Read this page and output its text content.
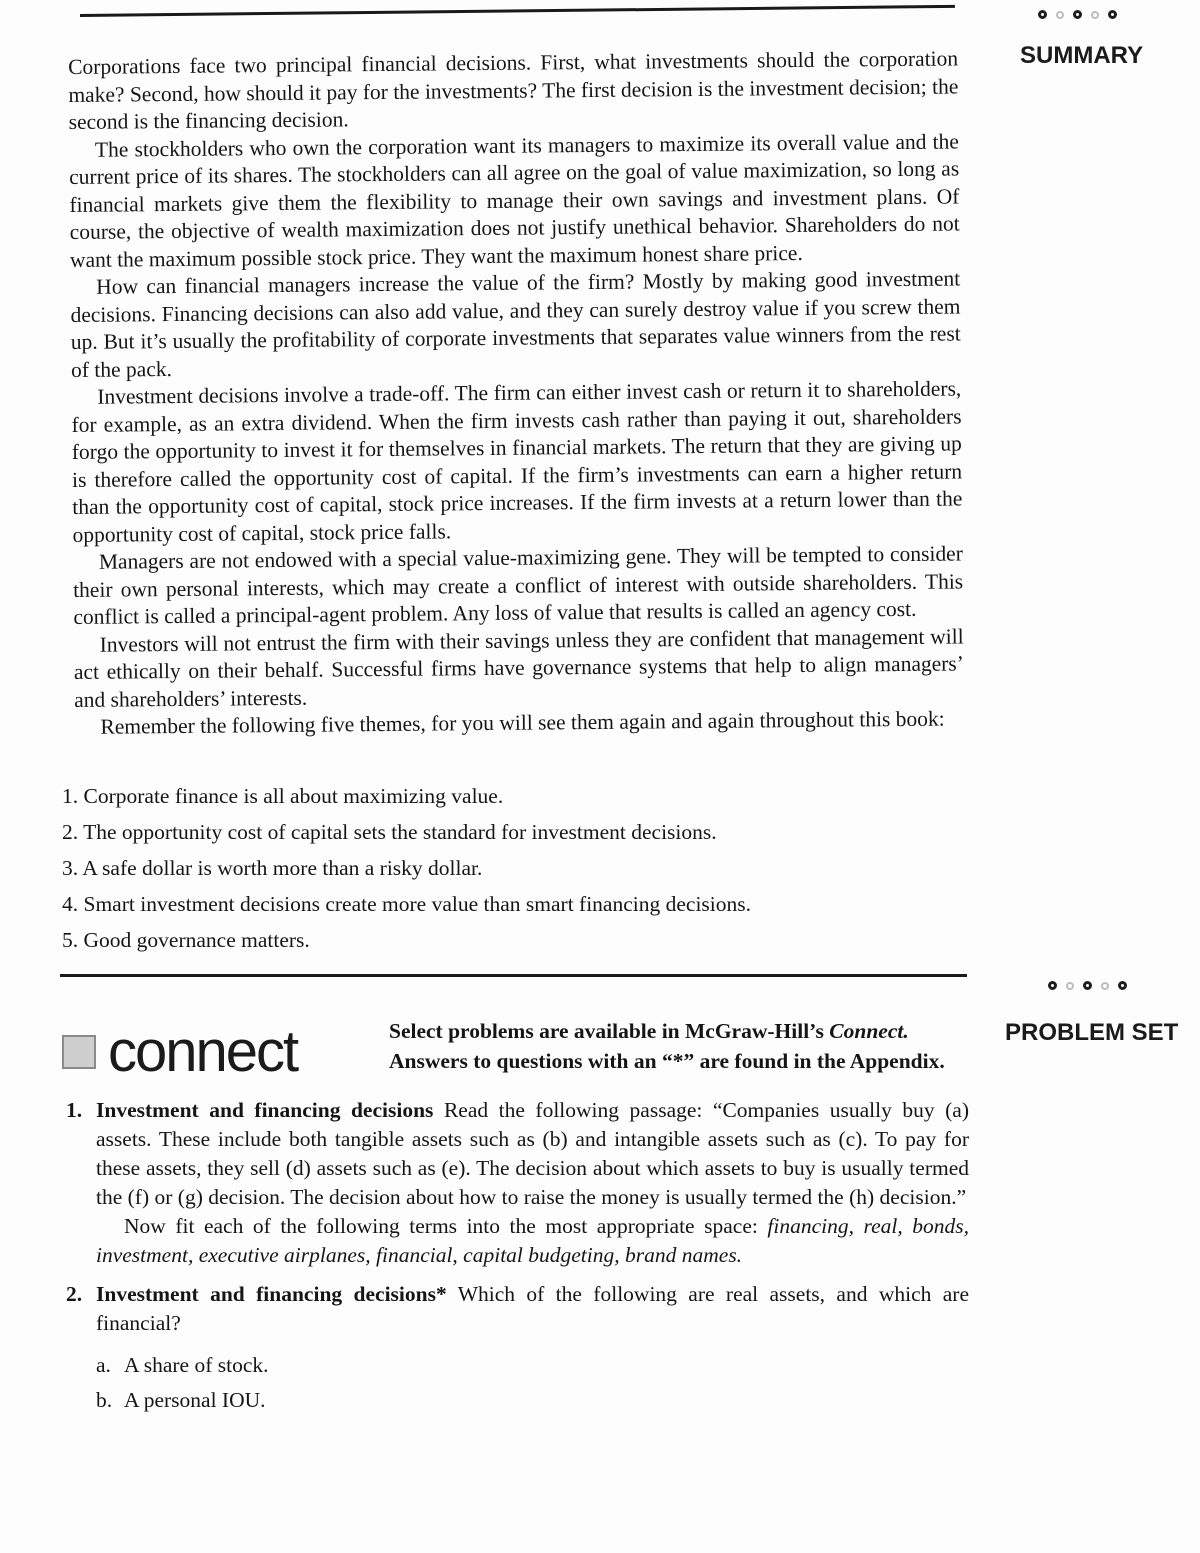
SUMMARY

Corporations face two principal financial decisions. First, what investments should the corporation make? Second, how should it pay for the investments? The first decision is the investment decision; the second is the financing decision.

The stockholders who own the corporation want its managers to maximize its overall value and the current price of its shares. The stockholders can all agree on the goal of value maximization, so long as financial markets give them the flexibility to manage their own savings and investment plans. Of course, the objective of wealth maximization does not justify unethical behavior. Shareholders do not want the maximum possible stock price. They want the maximum honest share price.

How can financial managers increase the value of the firm? Mostly by making good investment decisions. Financing decisions can also add value, and they can surely destroy value if you screw them up. But it’s usually the profitability of corporate investments that separates value winners from the rest of the pack.

Investment decisions involve a trade-off. The firm can either invest cash or return it to shareholders, for example, as an extra dividend. When the firm invests cash rather than paying it out, shareholders forgo the opportunity to invest it for themselves in financial markets. The return that they are giving up is therefore called the opportunity cost of capital. If the firm’s investments can earn a higher return than the opportunity cost of capital, stock price increases. If the firm invests at a return lower than the opportunity cost of capital, stock price falls.

Managers are not endowed with a special value-maximizing gene. They will be tempted to consider their own personal interests, which may create a conflict of interest with outside shareholders. This conflict is called a principal-agent problem. Any loss of value that results is called an agency cost.

Investors will not entrust the firm with their savings unless they are confident that management will act ethically on their behalf. Successful firms have governance systems that help to align managers’ and shareholders’ interests.

Remember the following five themes, for you will see them again and again throughout this book:

1. Corporate finance is all about maximizing value.
2. The opportunity cost of capital sets the standard for investment decisions.
3. A safe dollar is worth more than a risky dollar.
4. Smart investment decisions create more value than smart financing decisions.
5. Good governance matters.
PROBLEM SET
connect	Select problems are available in McGraw-Hill’s Connect.
Answers to questions with an “*” are found in the Appendix.
1. Investment and financing decisions Read the following passage: “Companies usually buy (a) assets. These include both tangible assets such as (b) and intangible assets such as (c). To pay for these assets, they sell (d) assets such as (e). The decision about which assets to buy is usually termed the (f) or (g) decision. The decision about how to raise the money is usually termed the (h) decision.”

Now fit each of the following terms into the most appropriate space: financing, real, bonds, investment, executive airplanes, financial, capital budgeting, brand names.

2. Investment and financing decisions* Which of the following are real assets, and which are financial?

a. A share of stock.
b. A personal IOU.
